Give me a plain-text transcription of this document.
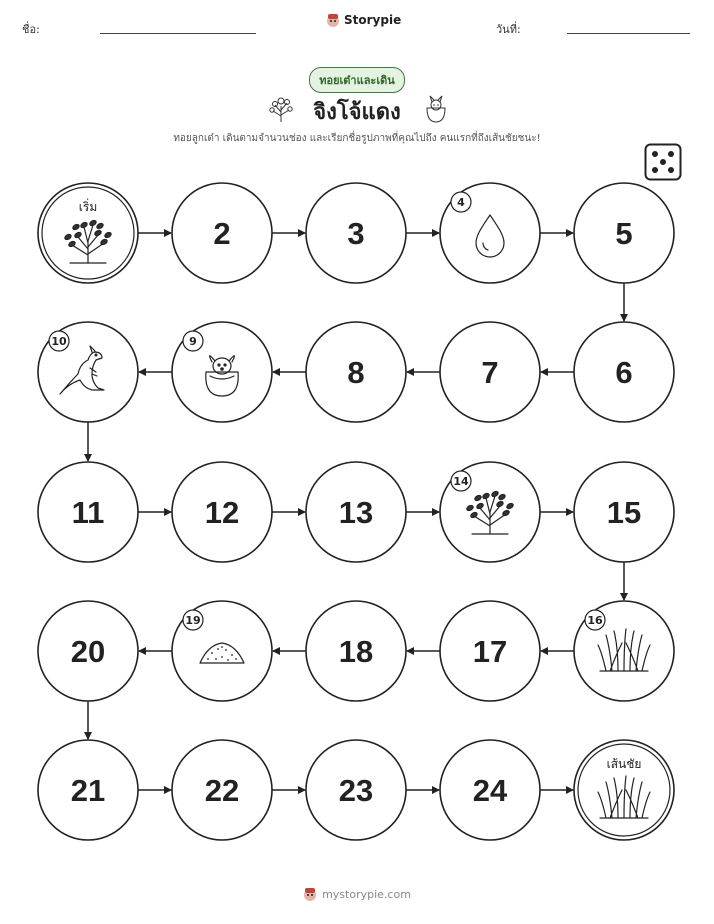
ชื่อ:
Storypie
วันที่:
ทอยเต๋าและเดิน
จิงโจ้แดง
ทอยลูกเต๋า เดินตามจำนวนช่อง และเรียกชื่อรูปภาพที่คุณไปถึง คนแรกที่ถึงเส้นชัยชนะ!
เริ่ม
2	3
4
5
6
7
8
9
10
11	12	13
14
15
16
17
18
19
20
21	22	23	24
เส้นชัย
mystorypie.com
